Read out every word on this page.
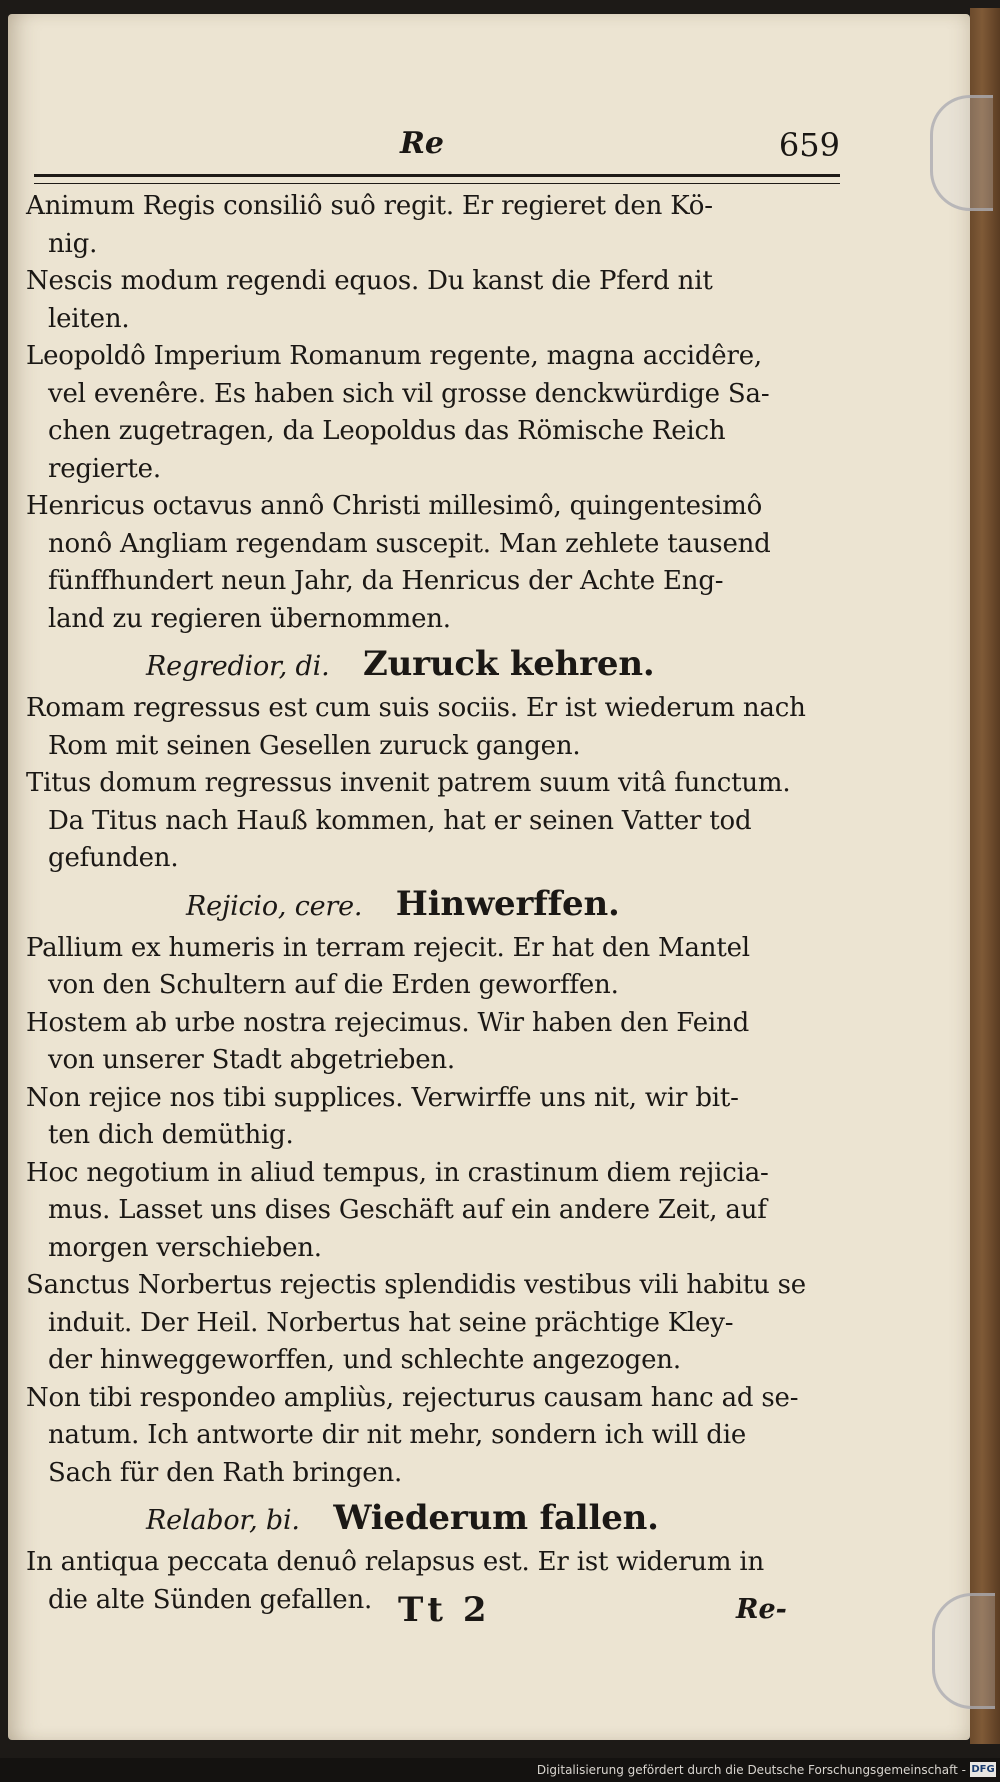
Re	659
Animum Regis consiliô suô regit. Er regieret den Kö-
nig.
Nescis modum regendi equos. Du kanst die Pferd nit
leiten.
Leopoldô Imperium Romanum regente, magna accidêre,
vel evenêre. Es haben sich vil grosse denckwürdige Sa-
chen zugetragen, da Leopoldus das Römische Reich
regierte.
Henricus octavus annô Christi millesimô, quingentesimô
nonô Angliam regendam suscepit. Man zehlete tausend
fünffhundert neun Jahr, da Henricus der Achte Eng-
land zu regieren übernommen.
Regredior, di. Zuruck kehren.
Romam regressus est cum suis sociis. Er ist wiederum nach
Rom mit seinen Gesellen zuruck gangen.
Titus domum regressus invenit patrem suum vitâ functum.
Da Titus nach Hauß kommen, hat er seinen Vatter tod
gefunden.
Rejicio, cere. Hinwerffen.
Pallium ex humeris in terram rejecit. Er hat den Mantel
von den Schultern auf die Erden geworffen.
Hostem ab urbe nostra rejecimus. Wir haben den Feind
von unserer Stadt abgetrieben.
Non rejice nos tibi supplices. Verwirffe uns nit, wir bit-
ten dich demüthig.
Hoc negotium in aliud tempus, in crastinum diem rejicia-
mus. Lasset uns dises Geschäft auf ein andere Zeit, auf
morgen verschieben.
Sanctus Norbertus rejectis splendidis vestibus vili habitu se
induit. Der Heil. Norbertus hat seine prächtige Kley-
der hinweggeworffen, und schlechte angezogen.
Non tibi respondeo ampliùs, rejecturus causam hanc ad se-
natum. Ich antworte dir nit mehr, sondern ich will die
Sach für den Rath bringen.
Relabor, bi. Wiederum fallen.
In antiqua peccata denuô relapsus est. Er ist widerum in
die alte Sünden gefallen. Tt 2	Re-
Digitalisierung gefördert durch die Deutsche Forschungsgemeinschaft - DFG
